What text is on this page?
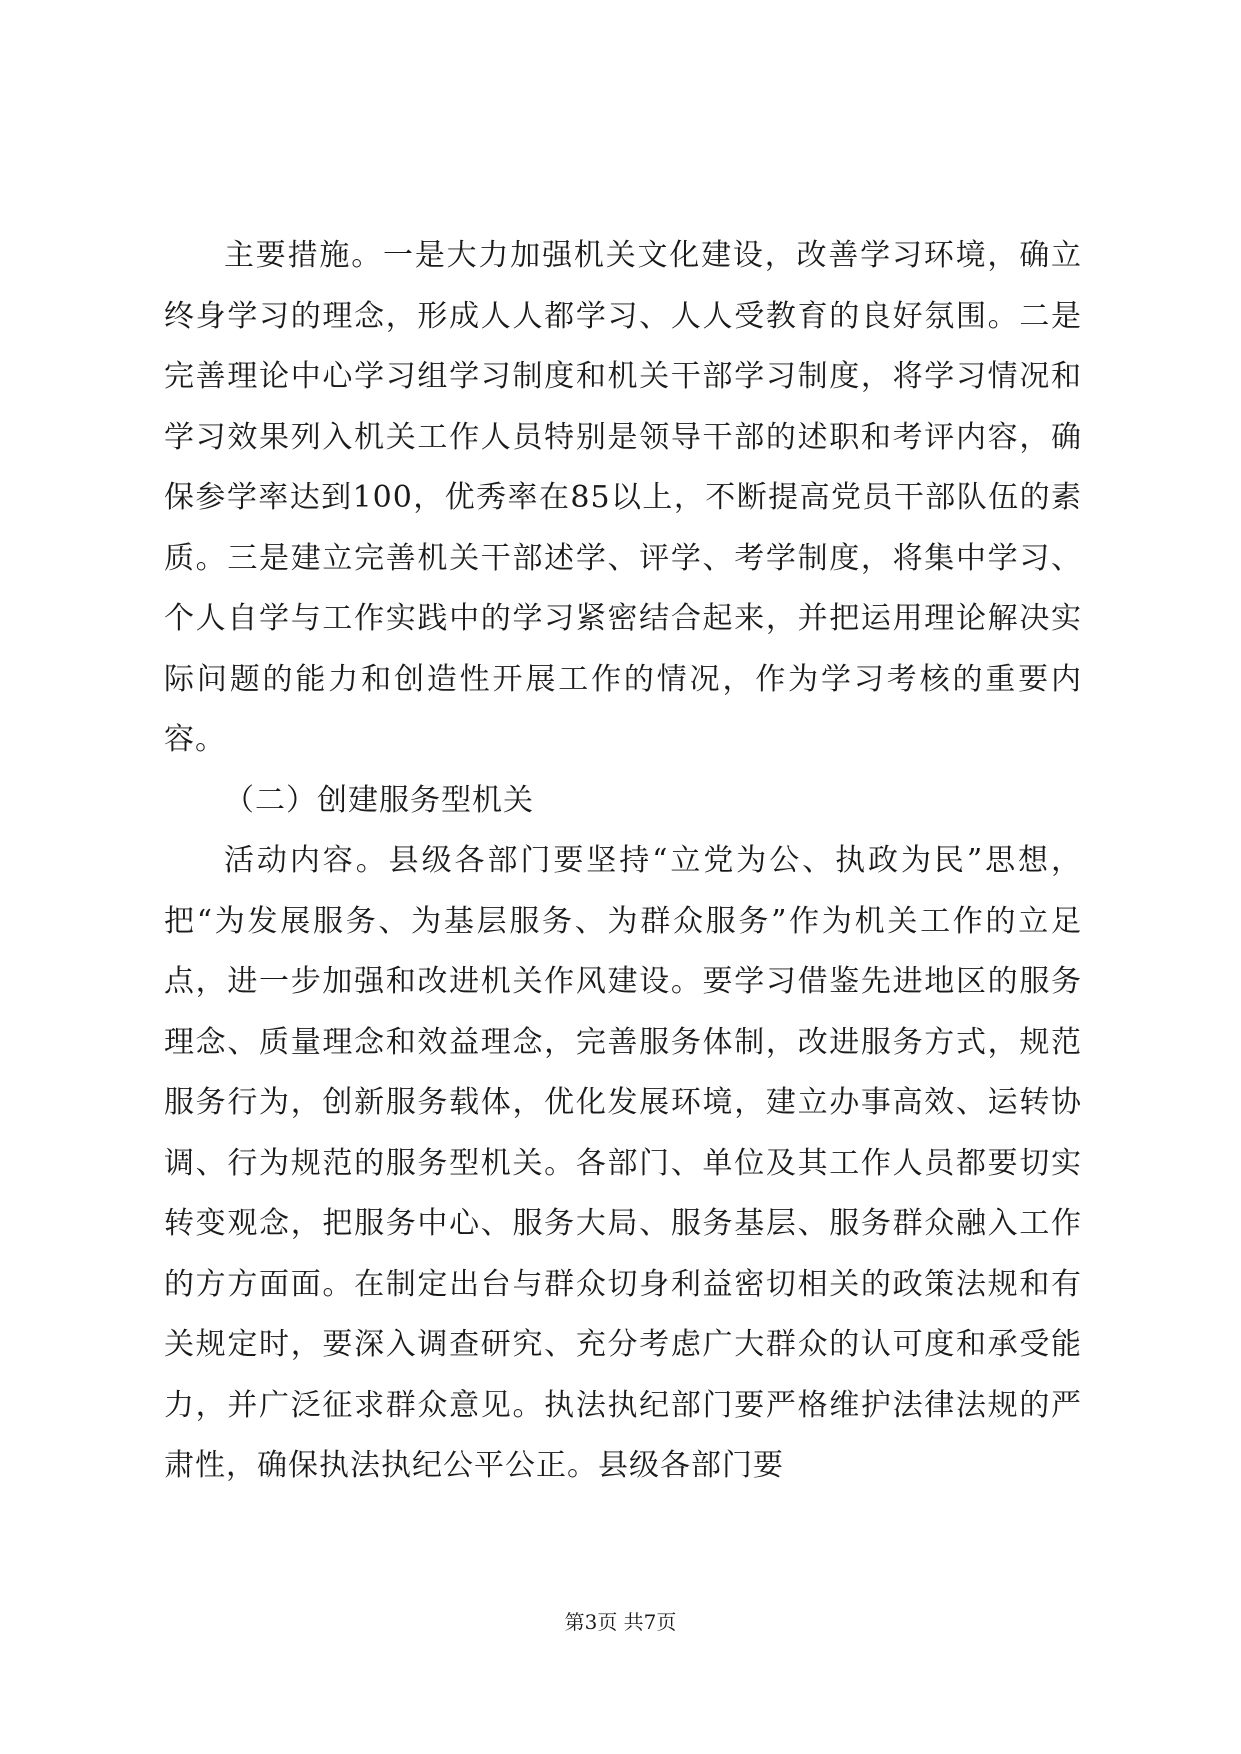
主要措施。一是大力加强机关文化建设，改善学习环境，确立终身学习的理念，形成人人都学习、人人受教育的良好氛围。二是完善理论中心学习组学习制度和机关干部学习制度，将学习情况和学习效果列入机关工作人员特别是领导干部的述职和考评内容，确保参学率达到100，优秀率在85以上，不断提高党员干部队伍的素质。三是建立完善机关干部述学、评学、考学制度，将集中学习、个人自学与工作实践中的学习紧密结合起来，并把运用理论解决实际问题的能力和创造性开展工作的情况，作为学习考核的重要内容。

（二）创建服务型机关

活动内容。县级各部门要坚持“立党为公、执政为民”思想，把“为发展服务、为基层服务、为群众服务”作为机关工作的立足点，进一步加强和改进机关作风建设。要学习借鉴先进地区的服务理念、质量理念和效益理念，完善服务体制，改进服务方式，规范服务行为，创新服务载体，优化发展环境，建立办事高效、运转协调、行为规范的服务型机关。各部门、单位及其工作人员都要切实转变观念，把服务中心、服务大局、服务基层、服务群众融入工作的方方面面。在制定出台与群众切身利益密切相关的政策法规和有关规定时，要深入调查研究、充分考虑广大群众的认可度和承受能力，并广泛征求群众意见。执法执纪部门要严格维护法律法规的严肃性，确保执法执纪公平公正。县级各部门要

第3页 共7页
